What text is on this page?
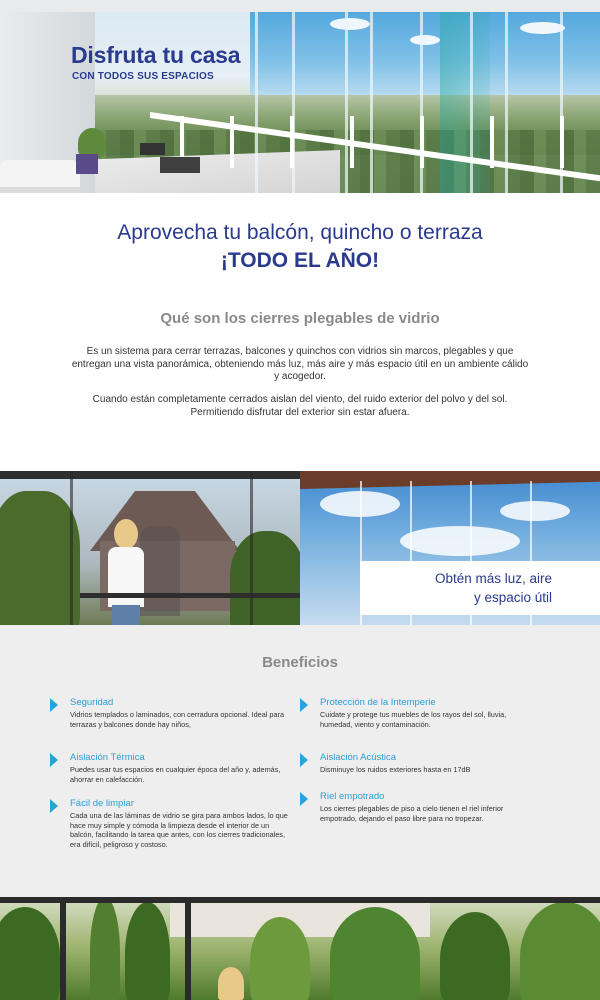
Disfruta tu casa
CON TODOS SUS ESPACIOS
Aprovecha tu balcón, quincho o terraza
¡TODO EL AÑO!
Qué son los cierres plegables de vidrio

Es un sistema para cerrar terrazas, balcones y quinchos con vidrios sin marcos, plegables y que entregan una vista panorámica, obteniendo más luz, más aire y más espacio útil en un ambiente cálido y acogedor.

Cuando están completamente cerrados aislan del viento, del ruido exterior del polvo y del sol. Permitiendo disfrutar del exterior sin estar afuera.

Obtén más luz, aire
y espacio útil
Beneficios
Seguridad
Vidrios templados o laminados, con cerradura opcional. Ideal para terrazas y balcones donde hay niños,
Protección de la Intemperie
Cuidate y protege tus muebles de los rayos del sol, lluvia, humedad, viento y contaminación.
Aislación Térmica
Puedes usar tus espacios en cualquier época del año y, además, ahorrar en calefacción.
Aislación Acústica
Disminuye los ruidos exteriores hasta en 17dB
Fácil de limpiar
Cada una de las láminas de vidrio se gira para ambos lados, lo que hace muy simple y cómoda la limpieza desde el interior de un balcón, facilitando la tarea que antes, con los cierres tradicionales, era difícil, peligroso y costoso.
Riel empotrado
Los cierres plegables de piso a cielo tienen el riel inferior empotrado, dejando el paso libre para no tropezar.
